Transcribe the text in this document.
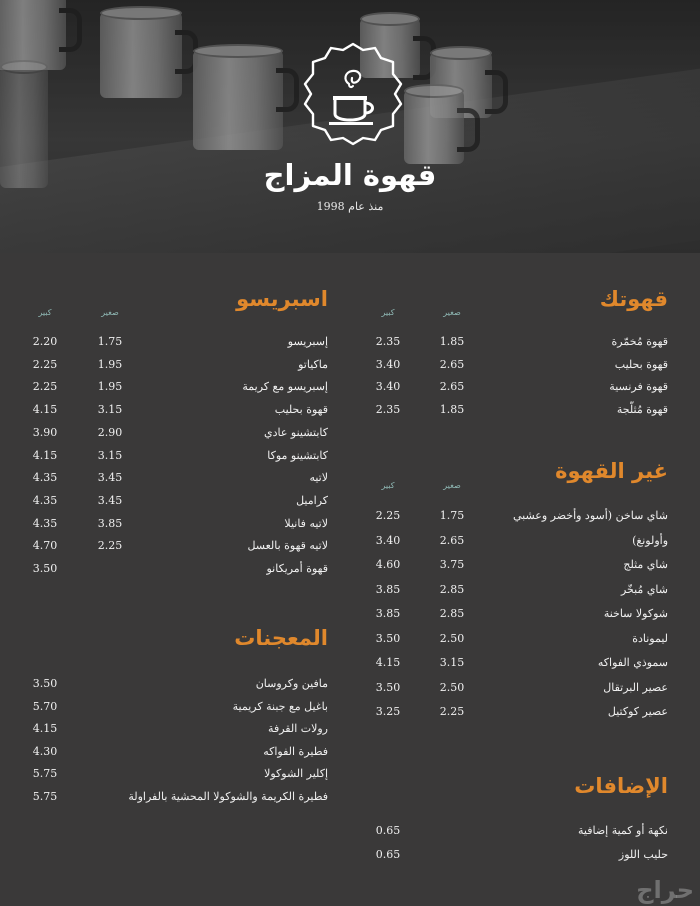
قهوة المزاج
منذ عام 1998
قهوتك
صغير
كبير
غير القهوة
صغير
كبير
الإضافات
اسبريسو
صغير
كبير
المعجنات
حراج
قهوة مُخمّرة
1.85
2.35
قهوة بحليب
2.65
3.40
قهوة فرنسية
2.65
3.40
قهوة مُثلّجة
1.85
2.35
شاي ساخن (أسود وأخضر وعشبي
1.75
2.25
وأولونغ)
2.65
3.40
شاي مثلج
3.75
4.60
شاي مُبخّر
2.85
3.85
شوكولا ساخنة
2.85
3.85
ليمونادة
2.50
3.50
سموذي الفواكه
3.15
4.15
عصير البرتقال
2.50
3.50
عصير كوكتيل
2.25
3.25
نكهة أو كمية إضافية
0.65
حليب اللوز
0.65
إسبريسو
1.75
2.20
ماكياتو
1.95
2.25
إسبريسو مع كريمة
1.95
2.25
قهوة بحليب
3.15
4.15
كابتشينو عادي
2.90
3.90
كابتشينو موكا
3.15
4.15
لاتيه
3.45
4.35
كراميل
3.45
4.35
لاتيه فانيلا
3.85
4.35
لاتيه قهوة بالعسل
2.25
4.70
قهوة أمريكانو
3.50
مافين وكروسان
3.50
باغيل مع جبنة كريمية
5.70
رولات القرفة
4.15
فطيرة الفواكه
4.30
إكلير الشوكولا
5.75
فطيرة الكريمة والشوكولا المحشية بالفراولة
5.75
